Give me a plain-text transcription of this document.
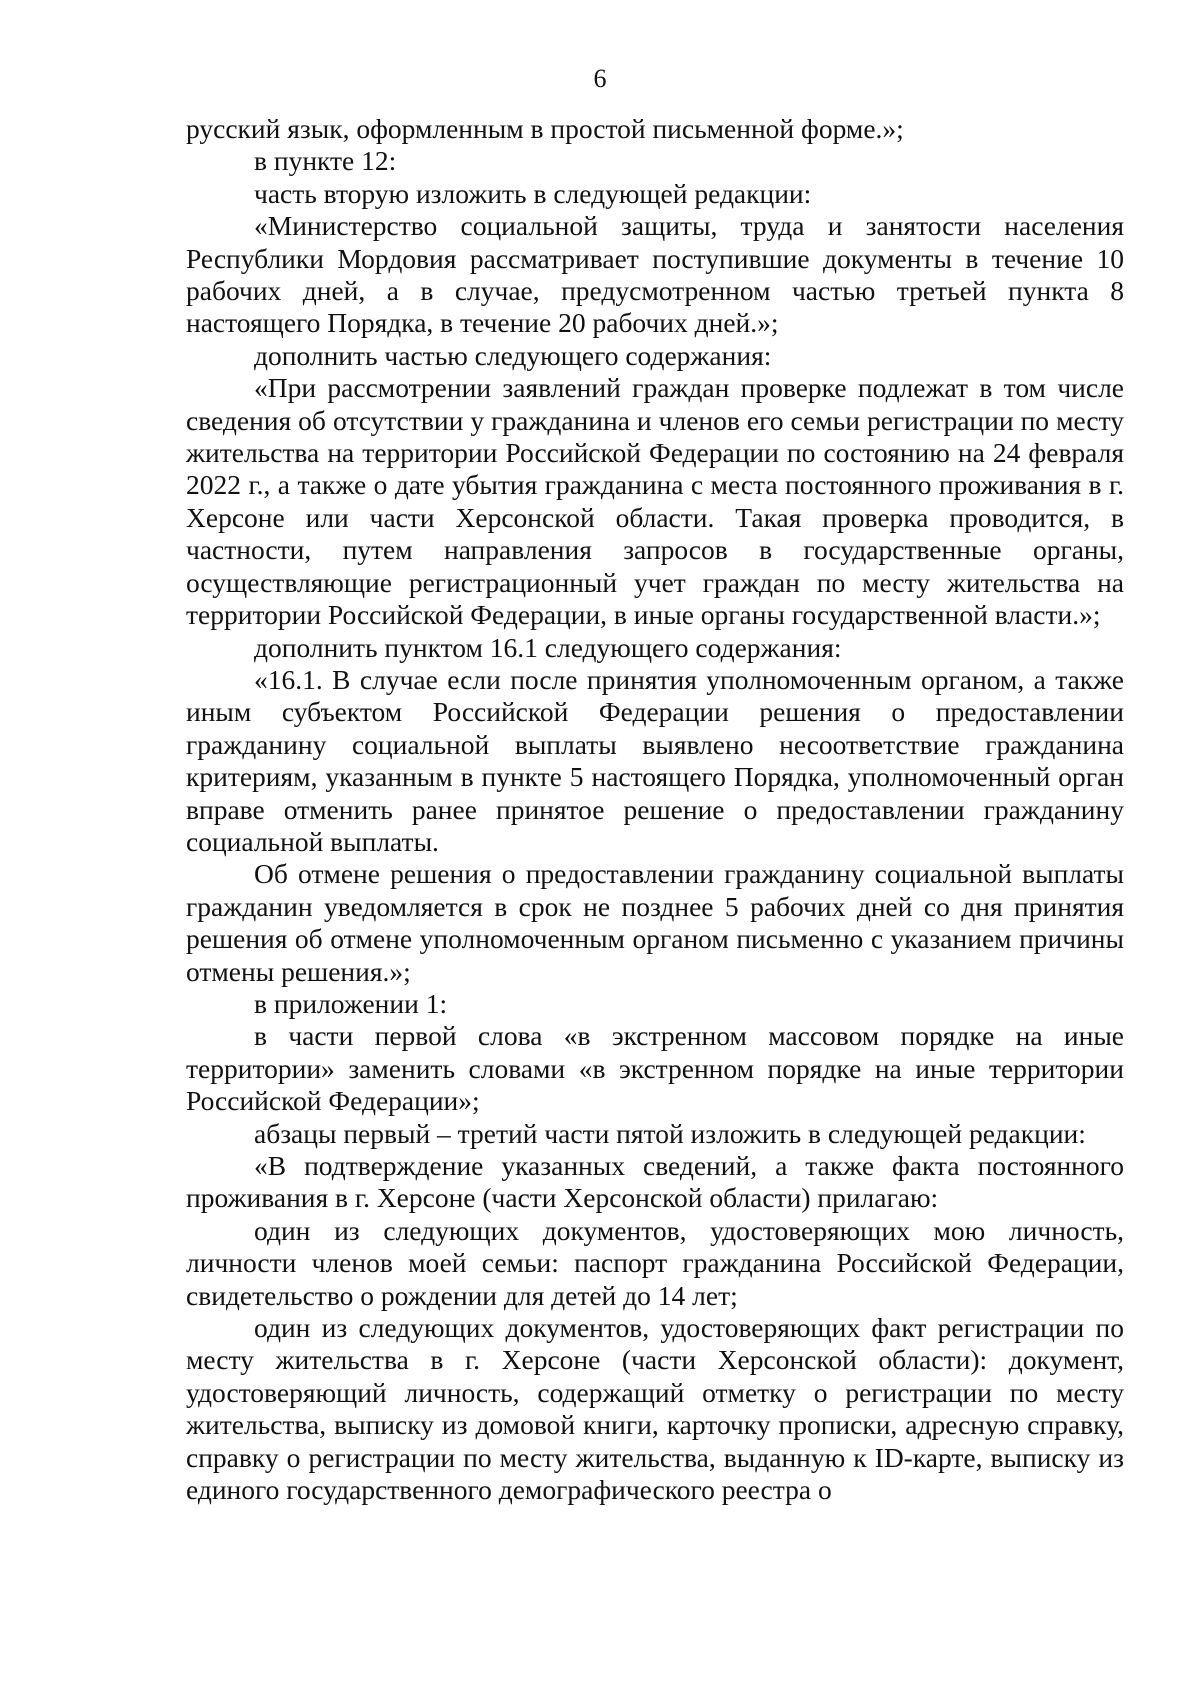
6

русский язык, оформленным в простой письменной форме.»;

в пункте 12:

часть вторую изложить в следующей редакции:

«Министерство социальной защиты, труда и занятости населения Республики Мордовия рассматривает поступившие документы в течение 10 рабочих дней, а в случае, предусмотренном частью третьей пункта 8 настоящего Порядка, в течение 20 рабочих дней.»;

дополнить частью следующего содержания:

«При рассмотрении заявлений граждан проверке подлежат в том числе сведения об отсутствии у гражданина и членов его семьи регистрации по месту жительства на территории Российской Федерации по состоянию на 24 февраля 2022 г., а также о дате убытия гражданина с места постоянного проживания в г. Херсоне или части Херсонской области. Такая проверка проводится, в частности, путем направления запросов в государственные органы, осуществляющие регистрационный учет граждан по месту жительства на территории Российской Федерации, в иные органы государственной власти.»;

дополнить пунктом 16.1 следующего содержания:

«16.1. В случае если после принятия уполномоченным органом, а также иным субъектом Российской Федерации решения о предоставлении гражданину социальной выплаты выявлено несоответствие гражданина критериям, указанным в пункте 5 настоящего Порядка, уполномоченный орган вправе отменить ранее принятое решение о предоставлении гражданину социальной выплаты.

Об отмене решения о предоставлении гражданину социальной выплаты гражданин уведомляется в срок не позднее 5 рабочих дней со дня принятия решения об отмене уполномоченным органом письменно с указанием причины отмены решения.»;

в приложении 1:

в части первой слова «в экстренном массовом порядке на иные территории» заменить словами «в экстренном порядке на иные территории Российской Федерации»;

абзацы первый – третий части пятой изложить в следующей редакции:

«В подтверждение указанных сведений, а также факта постоянного проживания в г. Херсоне (части Херсонской области) прилагаю:

один из следующих документов, удостоверяющих мою личность, личности членов моей семьи: паспорт гражданина Российской Федерации, свидетельство о рождении для детей до 14 лет;

один из следующих документов, удостоверяющих факт регистрации по месту жительства в г. Херсоне (части Херсонской области): документ, удостоверяющий личность, содержащий отметку о регистрации по месту жительства, выписку из домовой книги, карточку прописки, адресную справку, справку о регистрации по месту жительства, выданную к ID-карте, выписку из единого государственного демографического реестра о
